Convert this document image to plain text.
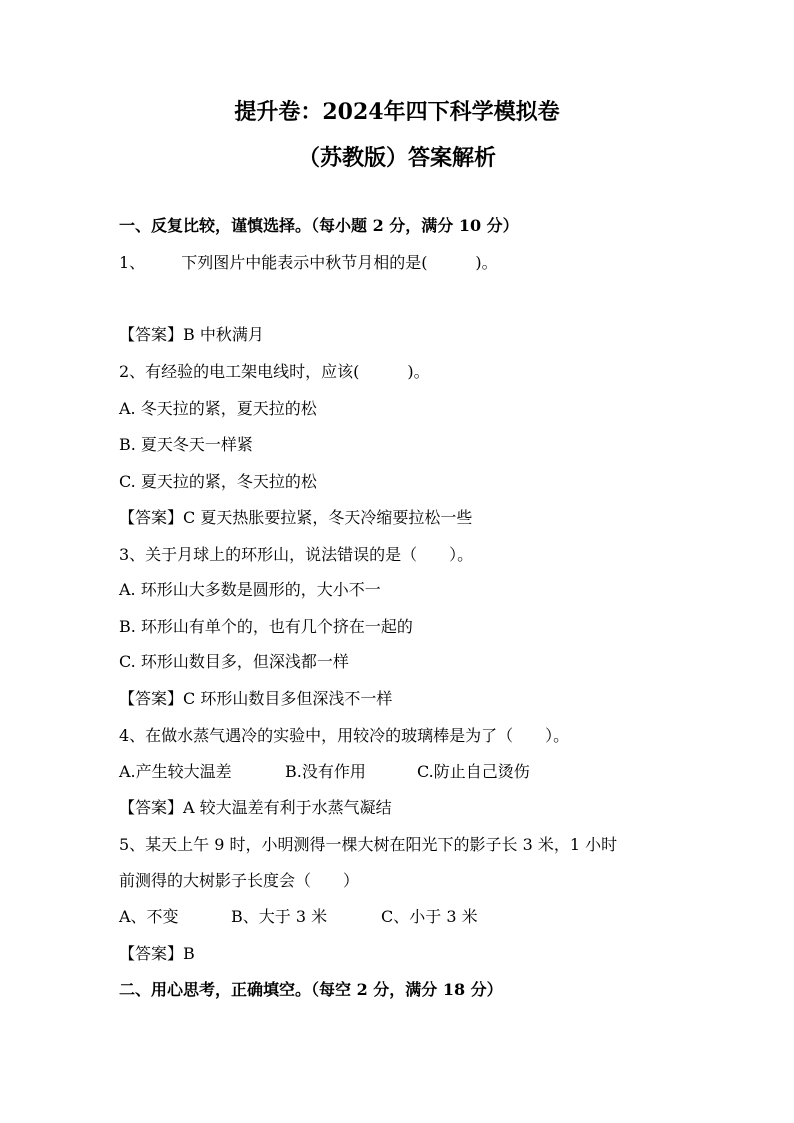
提升卷：2024年四下科学模拟卷
（苏教版）答案解析

一、反复比较，谨慎选择。（每小题 2 分，满分 10 分）

1、 下列图片中能表示中秋节月相的是(　　　)。

【答案】B 中秋满月

2、有经验的电工架电线时，应该(　　　)。

A. 冬天拉的紧，夏天拉的松

B. 夏天冬天一样紧

C. 夏天拉的紧，冬天拉的松

【答案】C 夏天热胀要拉紧，冬天冷缩要拉松一些

3、关于月球上的环形山，说法错误的是（　　）。

A. 环形山大多数是圆形的，大小不一

B. 环形山有单个的，也有几个挤在一起的

C. 环形山数目多，但深浅都一样

【答案】C 环形山数目多但深浅不一样

4、在做水蒸气遇冷的实验中，用较冷的玻璃棒是为了（　　）。

A.产生较大温差	B.没有作用	C.防止自己烫伤

【答案】A 较大温差有利于水蒸气凝结

5、某天上午 9 时，小明测得一棵大树在阳光下的影子长 3 米，1 小时

前测得的大树影子长度会（　　）

A、不变	B、大于 3 米	C、小于 3 米

【答案】B

二、用心思考，正确填空。（每空 2 分，满分 18 分）
